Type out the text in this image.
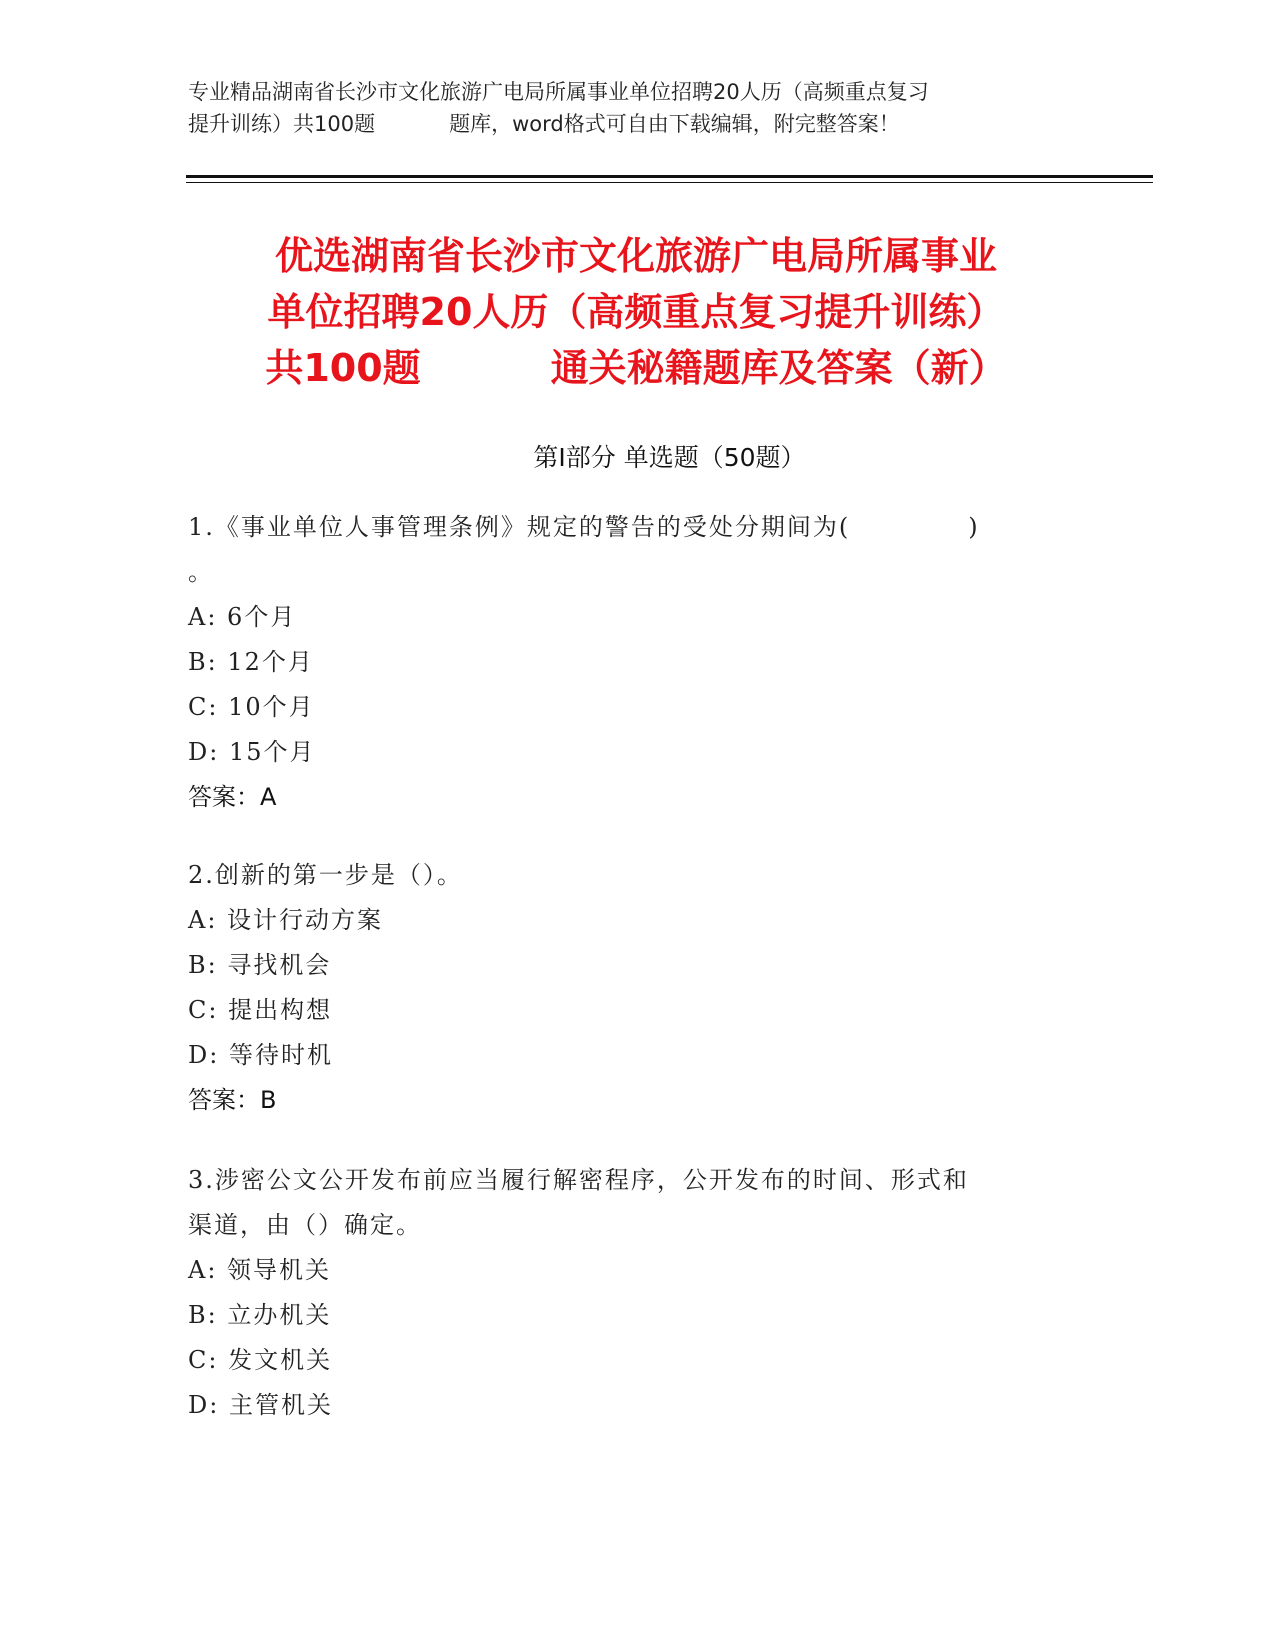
专业精品湖南省长沙市文化旅游广电局所属事业单位招聘20人历（高频重点复习
提升训练）共100题	题库，word格式可自由下载编辑，附完整答案！
优选湖南省长沙市文化旅游广电局所属事业
单位招聘20人历（高频重点复习提升训练）
共100题	通关秘籍题库及答案（新）
第Ⅰ部分 单选题（50题）
1.《事业单位人事管理条例》规定的警告的受处分期间为(	)
。
A: 6个月
B: 12个月
C: 10个月
D: 15个月
答案：A
2.创新的第一步是（）。
A: 设计行动方案
B: 寻找机会
C: 提出构想
D: 等待时机
答案：B
3.涉密公文公开发布前应当履行解密程序，公开发布的时间、形式和
渠道，由（）确定。
A: 领导机关
B: 立办机关
C: 发文机关
D: 主管机关
